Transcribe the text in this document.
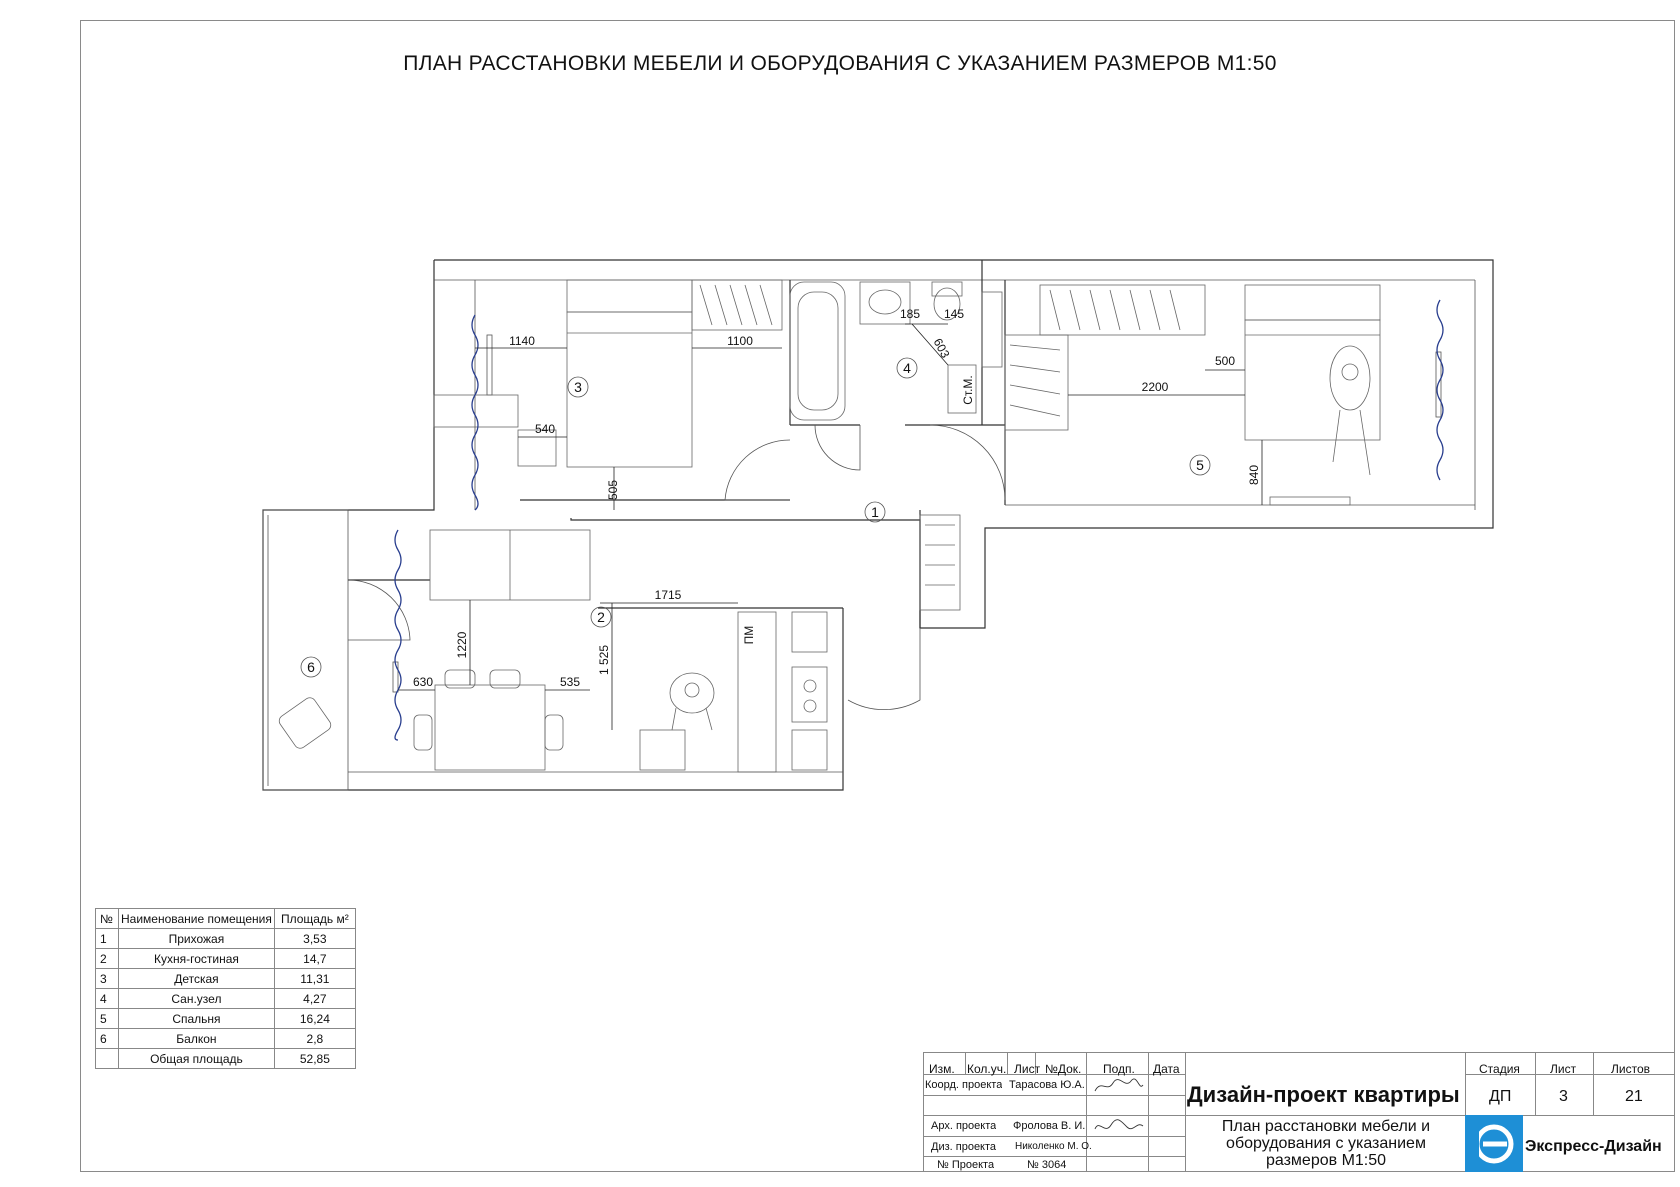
ПЛАН РАССТАНОВКИ МЕБЕЛИ И ОБОРУДОВАНИЯ С УКАЗАНИЕМ РАЗМЕРОВ М1:50
1
2
3
4
5
6
1140	1100
540
505
185 145
603
500
2200
840
1715
1220	1 525
630	535
Ст.М.
ПМ
№	Наименование помещения	Площадь м²
1	Прихожая	3,53
2	Кухня-гостиная	14,7
3	Детская	11,31
4	Сан.узел	4,27
5	Спальня	16,24
6	Балкон	2,8
	Общая площадь	52,85
Изм. Кол.уч. Лист №Док. Подп. Дата
Коорд. проекта Тарасова Ю.А.
Арх. проекта Фролова В. И.
Диз. проекта Николенко М. О.
№ Проекта	№ 3064
Дизайн-проект квартиры
План расстановки мебели и оборудования с указанием размеров М1:50
Стадия	Лист	Листов
ДП	3	21
Экспресс-Дизайн
